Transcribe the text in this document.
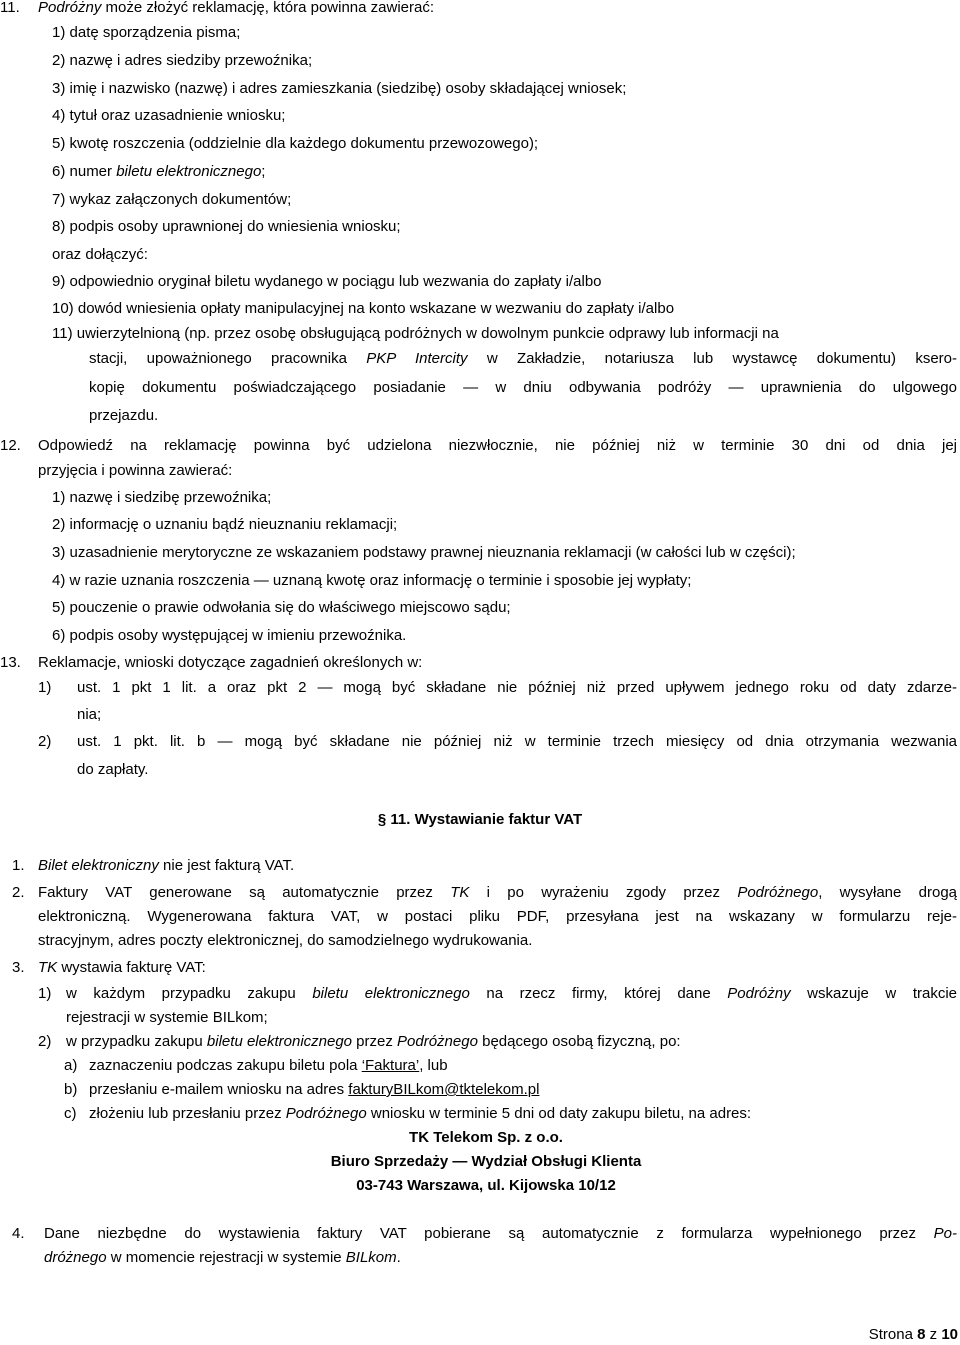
11. Podróżny może złożyć reklamację, która powinna zawierać:
1) datę sporządzenia pisma;
2) nazwę i adres siedziby przewoźnika;
3) imię i nazwisko (nazwę) i adres zamieszkania (siedzibę) osoby składającej wniosek;
4) tytuł oraz uzasadnienie wniosku;
5) kwotę roszczenia (oddzielnie dla każdego dokumentu przewozowego);
6) numer biletu elektronicznego;
7) wykaz załączonych dokumentów;
8) podpis osoby uprawnionej do wniesienia wniosku;
oraz dołączyć:
9) odpowiednio oryginał biletu wydanego w pociągu lub wezwania do zapłaty i/albo
10) dowód wniesienia opłaty manipulacyjnej na konto wskazane w wezwaniu do zapłaty i/albo
11) uwierzytelnioną (np. przez osobę obsługującą podróżnych w dowolnym punkcie odprawy lub informacji na
stacji, upoważnionego pracownika PKP Intercity w Zakładzie, notariusza lub wystawcę dokumentu) ksero-
kopię dokumentu poświadczającego posiadanie — w dniu odbywania podróży — uprawnienia do ulgowego
przejazdu.
12. Odpowiedź na reklamację powinna być udzielona niezwłocznie, nie później niż w terminie 30 dni od dnia jej
przyjęcia i powinna zawierać:
1) nazwę i siedzibę przewoźnika;
2) informację o uznaniu bądź nieuznaniu reklamacji;
3) uzasadnienie merytoryczne ze wskazaniem podstawy prawnej nieuznania reklamacji (w całości lub w części);
4) w razie uznania roszczenia — uznaną kwotę oraz informację o terminie i sposobie jej wypłaty;
5) pouczenie o prawie odwołania się do właściwego miejscowo sądu;
6) podpis osoby występującej w imieniu przewoźnika.
13. Reklamacje, wnioski dotyczące zagadnień określonych w:
1) ust. 1 pkt 1 lit. a oraz pkt 2 — mogą być składane nie później niż przed upływem jednego roku od daty zdarze-
nia;
2) ust. 1 pkt. lit. b — mogą być składane nie później niż w terminie trzech miesięcy od dnia otrzymania wezwania
do zapłaty.
§ 11. Wystawianie faktur VAT
1. Bilet elektroniczny nie jest fakturą VAT.
2. Faktury VAT generowane są automatycznie przez TK i po wyrażeniu zgody przez Podróżnego, wysyłane drogą
elektroniczną. Wygenerowana faktura VAT, w postaci pliku PDF, przesyłana jest na wskazany w formularzu reje-
stracyjnym, adres poczty elektronicznej, do samodzielnego wydrukowania.
3. TK wystawia fakturę VAT:
1) w każdym przypadku zakupu biletu elektronicznego na rzecz firmy, której dane Podróżny wskazuje w trakcie
rejestracji w systemie BILkom;
2) w przypadku zakupu biletu elektronicznego przez Podróżnego będącego osobą fizyczną, po:
a) zaznaczeniu podczas zakupu biletu pola ‘Faktura’, lub
b) przesłaniu e-mailem wniosku na adres fakturyBILkom@tktelekom.pl
c) złożeniu lub przesłaniu przez Podróżnego wniosku w terminie 5 dni od daty zakupu biletu, na adres:
TK Telekom Sp. z o.o.
Biuro Sprzedaży — Wydział Obsługi Klienta
03-743 Warszawa, ul. Kijowska 10/12
4. Dane niezbędne do wystawienia faktury VAT pobierane są automatycznie z formularza wypełnionego przez Po-
dróżnego w momencie rejestracji w systemie BILkom.
Strona 8 z 10
